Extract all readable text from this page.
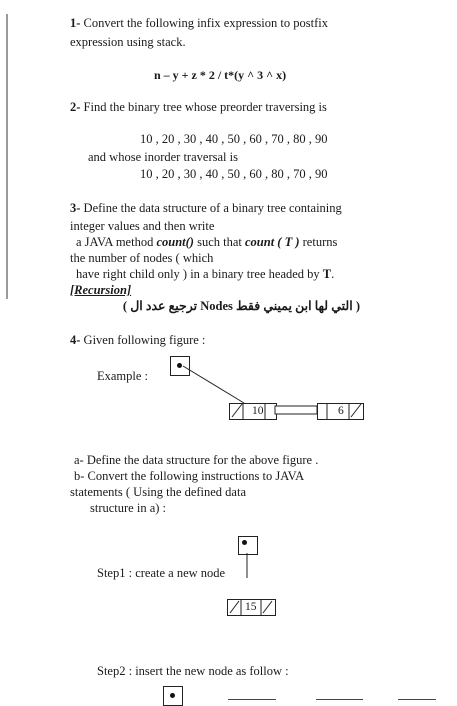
1- Convert the following infix expression to postfix
expression using stack.
n – y + z * 2 / t*(y ^ 3 ^ x)
2- Find the binary tree whose preorder traversing is
10 , 20 , 30 , 40 , 50 , 60 , 70 , 80 , 90
and whose inorder traversal is
10 , 20 , 30 , 40 , 50 , 60 , 80 , 70 , 90
3- Define the data structure of a binary tree containing
integer values and then write
a JAVA method count() such that count ( T ) returns
the number of nodes ( which
have right child only ) in a binary tree headed by T.
[Recursion]
( التي لها ابن يميني فقط Nodes ترجيع عدد ال )
4- Given following figure :
Example :
10	6
a- Define the data structure for the above figure .
b- Convert the following instructions to JAVA
statements ( Using the defined data
structure in a) :
Step1 : create a new node
15
Step2 : insert the new node as follow :
